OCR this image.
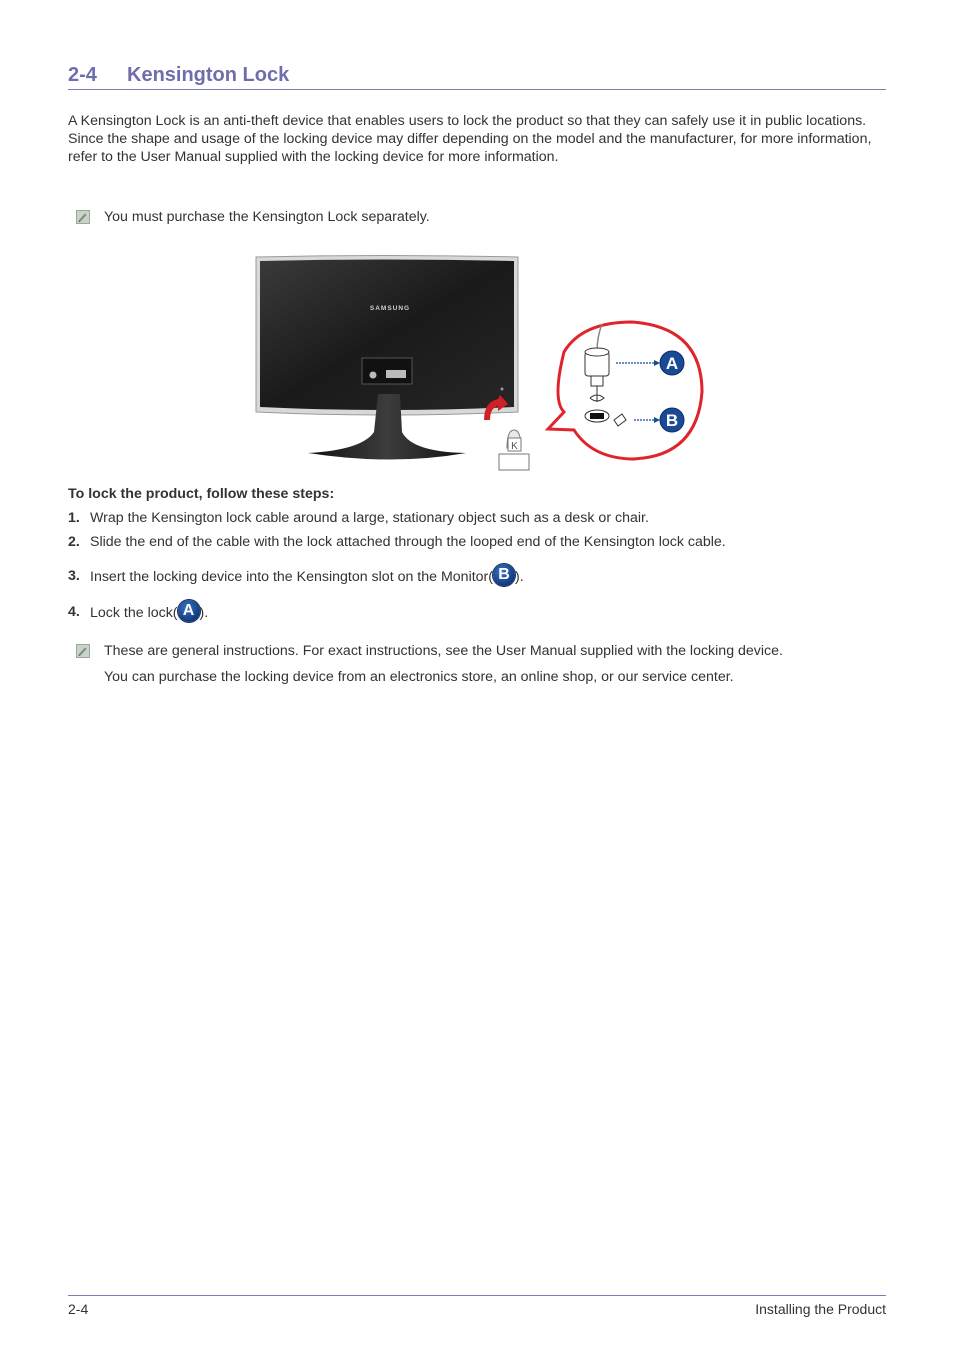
2-4 Kensington Lock

A Kensington Lock is an anti-theft device that enables users to lock the product so that they can safely use it in public locations.
Since the shape and usage of the locking device may differ depending on the model and the manufacturer, for more information,
refer to the User Manual supplied with the locking device for more information.

You must purchase the Kensington Lock separately.
SAMSUNG
K
A
B
To lock the product, follow these steps:
1. Wrap the Kensington lock cable around a large, stationary object such as a desk or chair.
2. Slide the end of the cable with the lock attached through the looped end of the Kensington lock cable.
3. Insert the locking device into the Kensington slot on the Monitor( B ).
4. Lock the lock( A ).
These are general instructions. For exact instructions, see the User Manual supplied with the locking device.
You can purchase the locking device from an electronics store, an online shop, or our service center.
2-4	Installing the Product
